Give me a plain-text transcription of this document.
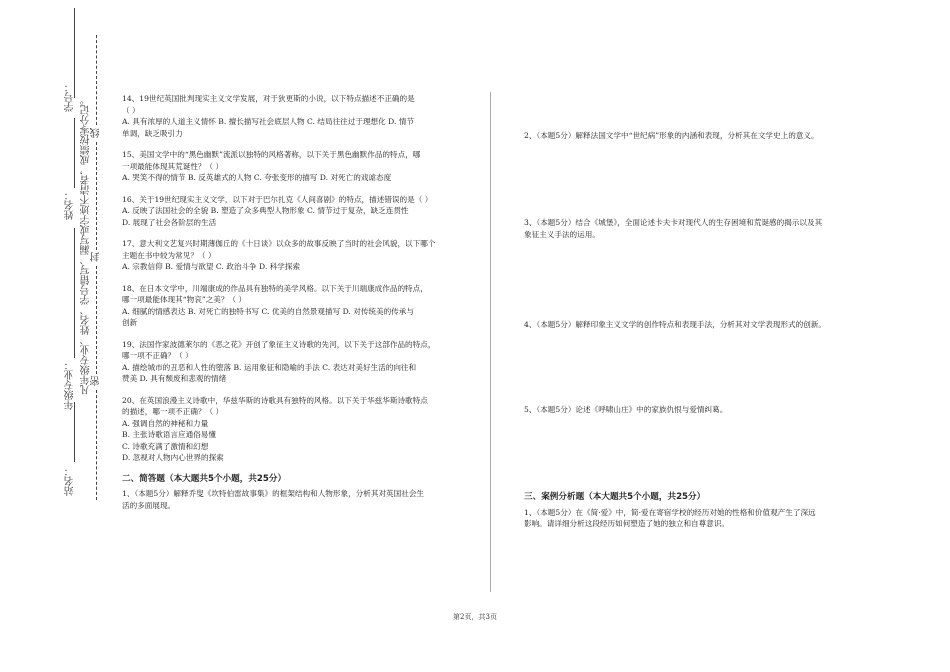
学号：
姓名：
年级专业：
站名：
凡年级专业、姓名、学号错写、漏写或字迹不清者，成绩按零分记。 线
封
密

14、19世纪英国批判现实主义文学发展，对于狄更斯的小说，以下特点描述不正确的是

（ ）

A. 具有浓厚的人道主义情怀 B. 擅长描写社会底层人物 C. 结局往往过于理想化 D. 情节

单调，缺乏吸引力

15、美国文学中的“黑色幽默”流派以独特的风格著称，以下关于黑色幽默作品的特点，哪

一项最能体现其荒诞性？（ ）

A. 哭笑不得的情节 B. 反英雄式的人物 C. 夸张变形的描写 D. 对死亡的戏谑态度

16、关于19世纪现实主义文学，以下对于巴尔扎克《人间喜剧》的特点，描述错误的是（ ）

A. 反映了法国社会的全貌 B. 塑造了众多典型人物形象 C. 情节过于复杂，缺乏连贯性

D. 展现了社会各阶层的生活

17、意大利文艺复兴时期薄伽丘的《十日谈》以众多的故事反映了当时的社会风貌，以下哪个

主题在书中较为常见？（ ）

A. 宗教信仰 B. 爱情与欲望 C. 政治斗争 D. 科学探索

18、在日本文学中，川端康成的作品具有独特的美学风格。以下关于川端康成作品的特点，

哪一项最能体现其“物哀”之美？（ ）

A. 细腻的情感表达 B. 对死亡的独特书写 C. 优美的自然景观描写 D. 对传统美的传承与

创新

19、法国作家波德莱尔的《恶之花》开创了象征主义诗歌的先河，以下关于这部作品的特点，

哪一项不正确？（ ）

A. 描绘城市的丑恶和人性的堕落 B. 运用象征和隐喻的手法 C. 表达对美好生活的向往和

赞美 D. 具有颓废和悲观的情绪

20、在英国浪漫主义诗歌中，华兹华斯的诗歌具有独特的风格。以下关于华兹华斯诗歌特点

的描述，哪一项不正确？（ ）

A. 强调自然的神秘和力量

B. 主张诗歌语言应通俗易懂

C. 诗歌充满了激情和幻想

D. 忽视对人物内心世界的探索

二、简答题（本大题共5个小题，共25分）

1、（本题5分）解释乔叟《坎特伯雷故事集》的框架结构和人物形象，分析其对英国社会生

活的多面展现。

2、（本题5分）解释法国文学中“世纪病”形象的内涵和表现，分析其在文学史上的意义。

3、（本题5分）结合《城堡》，全面论述卡夫卡对现代人的生存困境和荒诞感的揭示以及其

象征主义手法的运用。

4、（本题5分）解释印象主义文学的创作特点和表现手法，分析其对文学表现形式的创新。
5、（本题5分）论述《呼啸山庄》中的家族仇恨与爱情纠葛。

三、案例分析题（本大题共5个小题，共25分）

1、（本题5分）在《简·爱》中，简·爱在寄宿学校的经历对她的性格和价值观产生了深远

影响。请详细分析这段经历如何塑造了她的独立和自尊意识。

第2页，共3页
